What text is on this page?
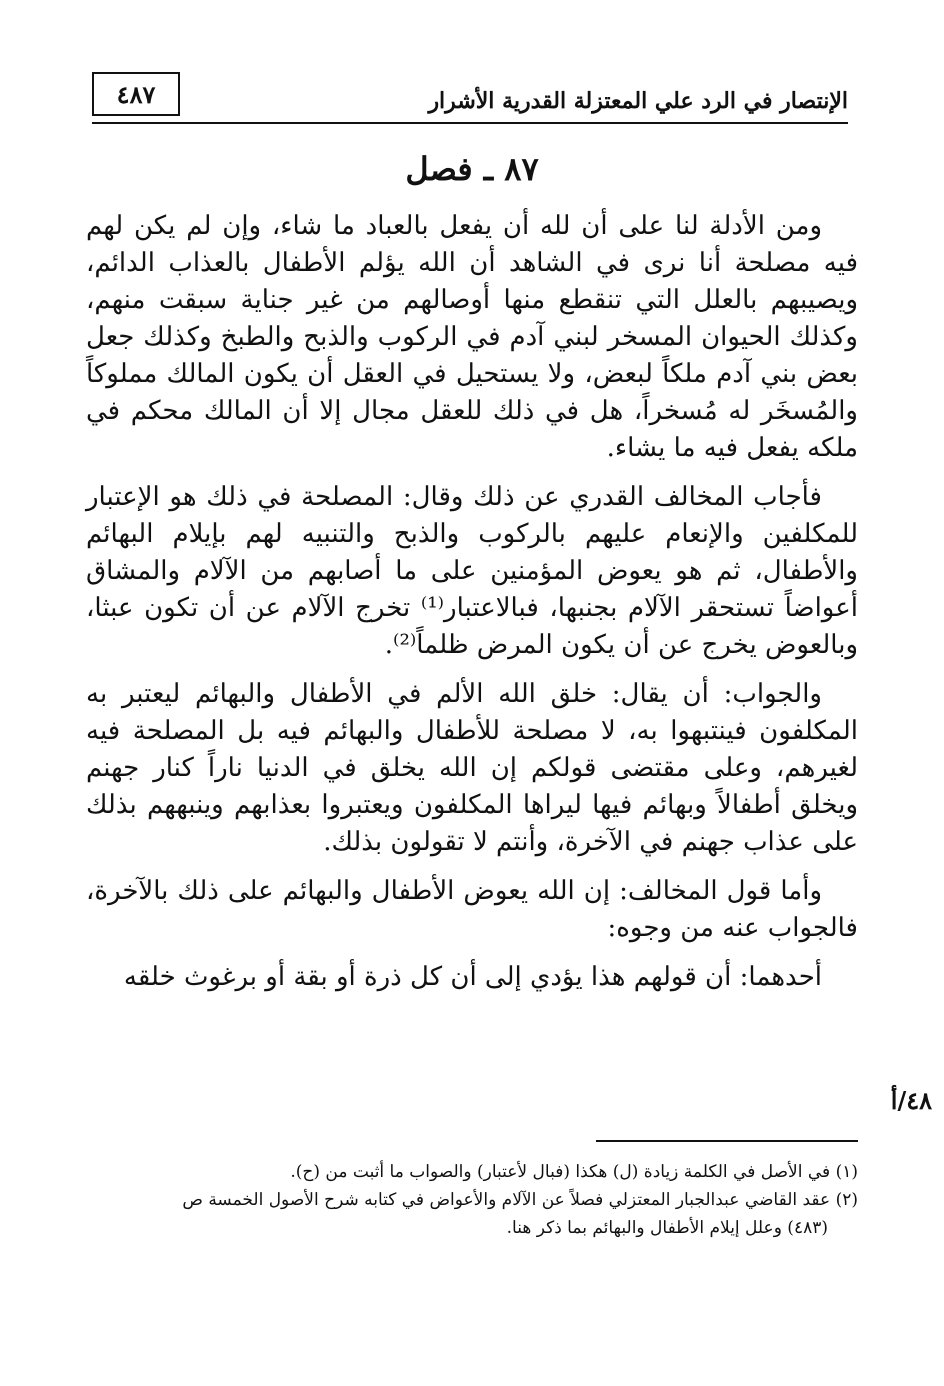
٤٨٧	الإنتصار في الرد علي المعتزلة القدرية الأشرار
٨٧ ـ فصل

ومن الأدلة لنا على أن لله أن يفعل بالعباد ما شاء، وإن لم يكن لهم فيه مصلحة أنا نرى في الشاهد أن الله يؤلم الأطفال بالعذاب الدائم، ويصيبهم بالعلل التي تنقطع منها أوصالهم من غير جناية سبقت منهم، وكذلك الحيوان المسخر لبني آدم في الركوب والذبح والطبخ وكذلك جعل بعض بني آدم ملكاً لبعض، ولا يستحيل في العقل أن يكون المالك مملوكاً والمُسخَر له مُسخراً، هل في ذلك للعقل مجال إلا أن المالك محكم في ملكه يفعل فيه ما يشاء.

فأجاب المخالف القدري عن ذلك وقال: المصلحة في ذلك هو الإعتبار للمكلفين والإنعام عليهم بالركوب والذبح والتنبيه لهم بإيلام البهائم والأطفال، ثم هو يعوض المؤمنين على ما أصابهم من الآلام والمشاق أعواضاً تستحقر الآلام بجنبها، فبالاعتبار⁽¹⁾ تخرج الآلام عن أن تكون عبثا، وبالعوض يخرج عن أن يكون المرض ظلماً⁽²⁾.

والجواب: أن يقال: خلق الله الألم في الأطفال والبهائم ليعتبر به المكلفون فينتبهوا به، لا مصلحة للأطفال والبهائم فيه بل المصلحة فيه لغيرهم، وعلى مقتضى قولكم إن الله يخلق في الدنيا ناراً كنار جهنم ويخلق أطفالاً وبهائم فيها ليراها المكلفون ويعتبروا بعذابهم وينبههم بذلك على عذاب جهنم في الآخرة، وأنتم لا تقولون بذلك.

وأما قول المخالف: إن الله يعوض الأطفال والبهائم على ذلك بالآخرة، فالجواب عنه من وجوه:

أحدهما: أن قولهم هذا يؤدي إلى أن كل ذرة أو بقة أو برغوث خلقه

٤٨/أ

(١) في الأصل في الكلمة زيادة (ل) هكذا (فبال لأعتبار) والصواب ما أثبت من (ح).

(٢) عقد القاضي عبدالجبار المعتزلي فصلاً عن الآلام والأعواض في كتابه شرح الأصول الخمسة ص

(٤٨٣) وعلل إيلام الأطفال والبهائم بما ذكر هنا.
